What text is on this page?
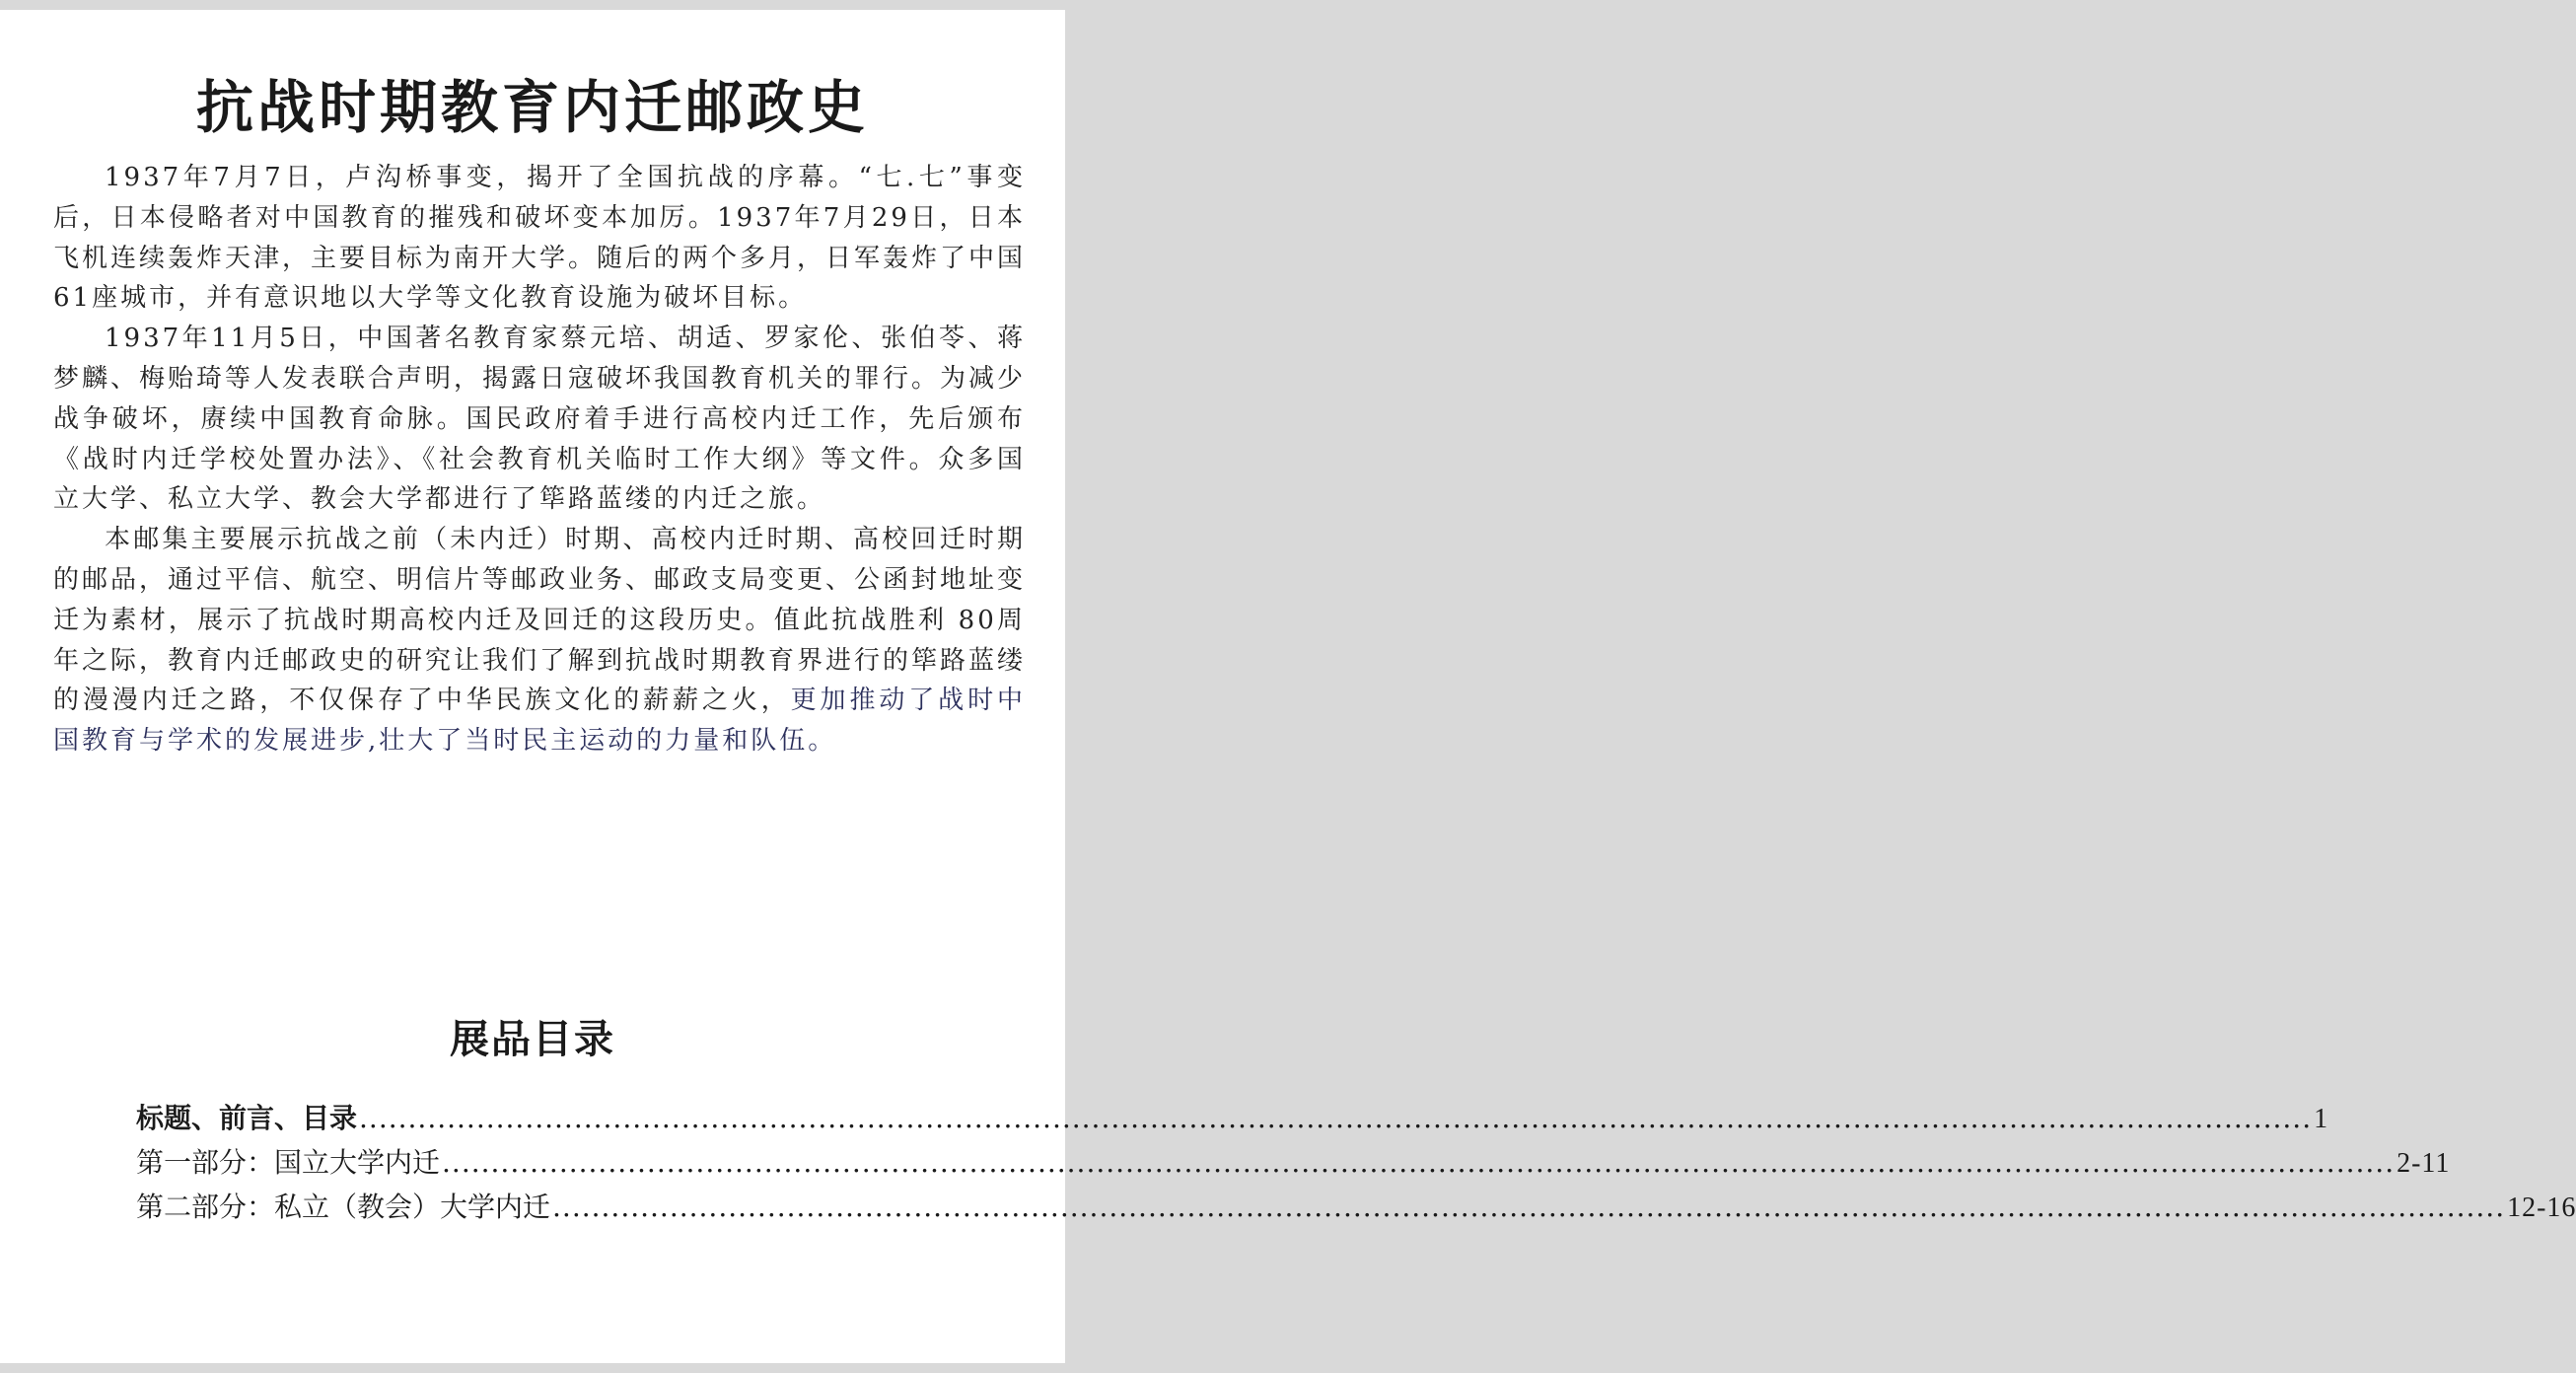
抗战时期教育内迁邮政史

1937年7月7日，卢沟桥事变，揭开了全国抗战的序幕。“七.七”事变后，日本侵略者对中国教育的摧残和破坏变本加厉。1937年7月29日，日本飞机连续轰炸天津，主要目标为南开大学。随后的两个多月，日军轰炸了中国61座城市，并有意识地以大学等文化教育设施为破坏目标。

1937年11月5日，中国著名教育家蔡元培、胡适、罗家伦、张伯苓、蒋梦麟、梅贻琦等人发表联合声明，揭露日寇破坏我国教育机关的罪行。为减少战争破坏，赓续中国教育命脉。国民政府着手进行高校内迁工作，先后颁布《战时内迁学校处置办法》、《社会教育机关临时工作大纲》等文件。众多国立大学、私立大学、教会大学都进行了筚路蓝缕的内迁之旅。

本邮集主要展示抗战之前（未内迁）时期、高校内迁时期、高校回迁时期的邮品，通过平信、航空、明信片等邮政业务、邮政支局变更、公函封地址变迁为素材，展示了抗战时期高校内迁及回迁的这段历史。值此抗战胜利 80周年之际，教育内迁邮政史的研究让我们了解到抗战时期教育界进行的筚路蓝缕的漫漫内迁之路，不仅保存了中华民族文化的薪薪之火，更加推动了战时中国教育与学术的发展进步,壮大了当时民主运动的力量和队伍。

展品目录
标题、前言、目录 ........................................................................................................................................................................................................ 1
第一部分：国立大学内迁 ........................................................................................................................................................................................................ 2-11
第二部分：私立（教会）大学内迁 ........................................................................................................................................................................................................ 12-16
